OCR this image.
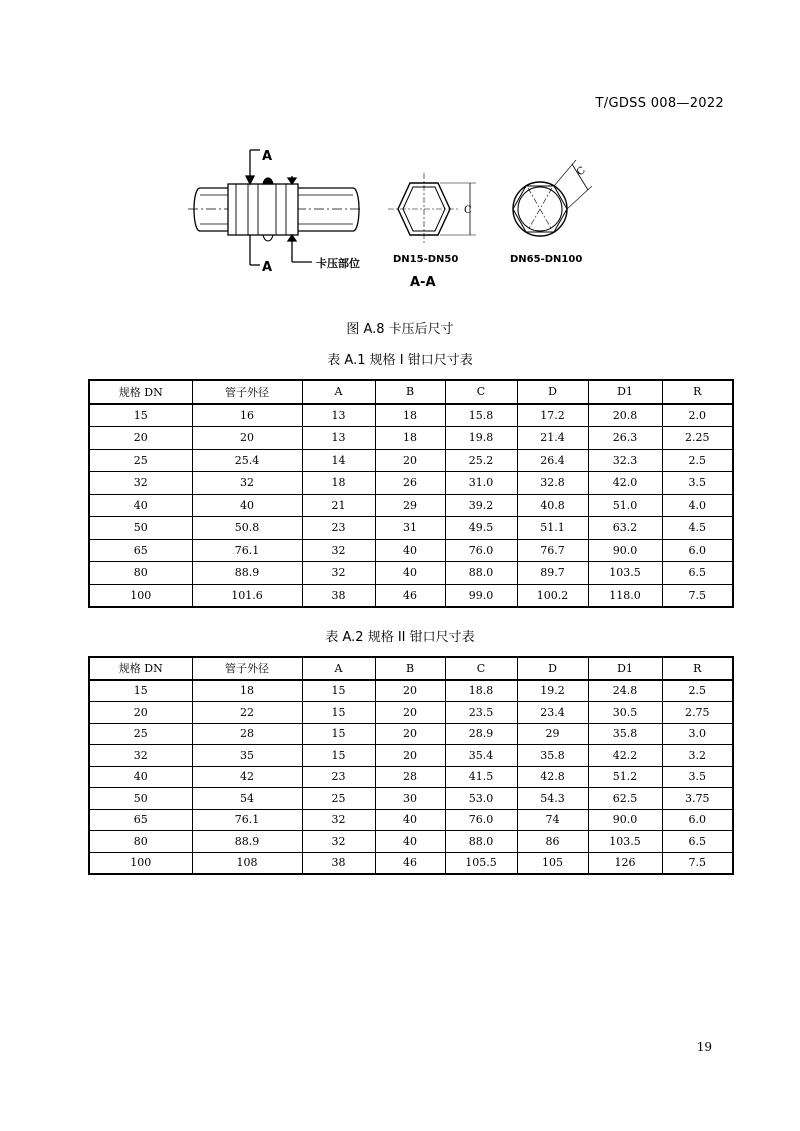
T/GDSS 008—2022
A
A	卡压部位
C
DN15-DN50
C
DN65-DN100
A-A
图 A.8 卡压后尺寸
表 A.1 规格 I 钳口尺寸表
规格 DN	管子外径	A	B	C	D	D1	R
15	16	13	18	15.8	17.2	20.8	2.0
20	20	13	18	19.8	21.4	26.3	2.25
25	25.4	14	20	25.2	26.4	32.3	2.5
32	32	18	26	31.0	32.8	42.0	3.5
40	40	21	29	39.2	40.8	51.0	4.0
50	50.8	23	31	49.5	51.1	63.2	4.5
65	76.1	32	40	76.0	76.7	90.0	6.0
80	88.9	32	40	88.0	89.7	103.5	6.5
100	101.6	38	46	99.0	100.2	118.0	7.5
表 A.2 规格 II 钳口尺寸表
规格 DN	管子外径	A	B	C	D	D1	R
15	18	15	20	18.8	19.2	24.8	2.5
20	22	15	20	23.5	23.4	30.5	2.75
25	28	15	20	28.9	29	35.8	3.0
32	35	15	20	35.4	35.8	42.2	3.2
40	42	23	28	41.5	42.8	51.2	3.5
50	54	25	30	53.0	54.3	62.5	3.75
65	76.1	32	40	76.0	74	90.0	6.0
80	88.9	32	40	88.0	86	103.5	6.5
100	108	38	46	105.5	105	126	7.5
19
